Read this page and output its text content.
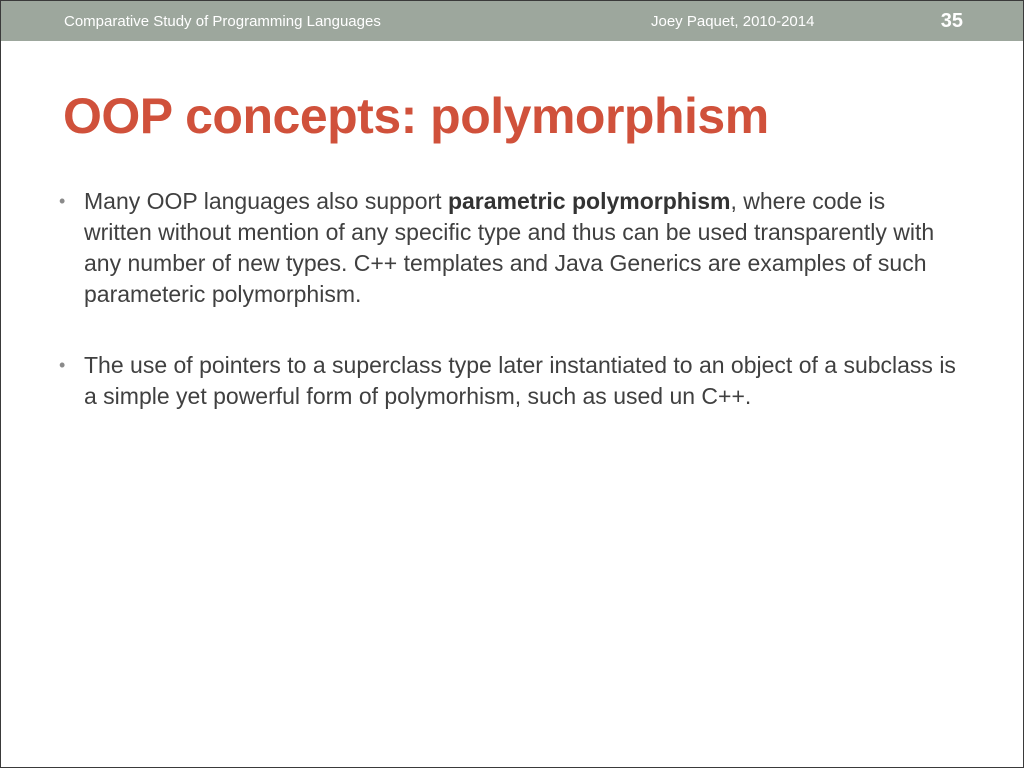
Comparative Study of Programming Languages	Joey Paquet, 2010-2014	35
OOP concepts: polymorphism
• Many OOP languages also support parametric polymorphism, where code is written without mention of any specific type and thus can be used transparently with any number of new types. C++ templates and Java Generics are examples of such parameteric polymorphism.
• The use of pointers to a superclass type later instantiated to an object of a subclass is a simple yet powerful form of polymorhism, such as used un C++.
